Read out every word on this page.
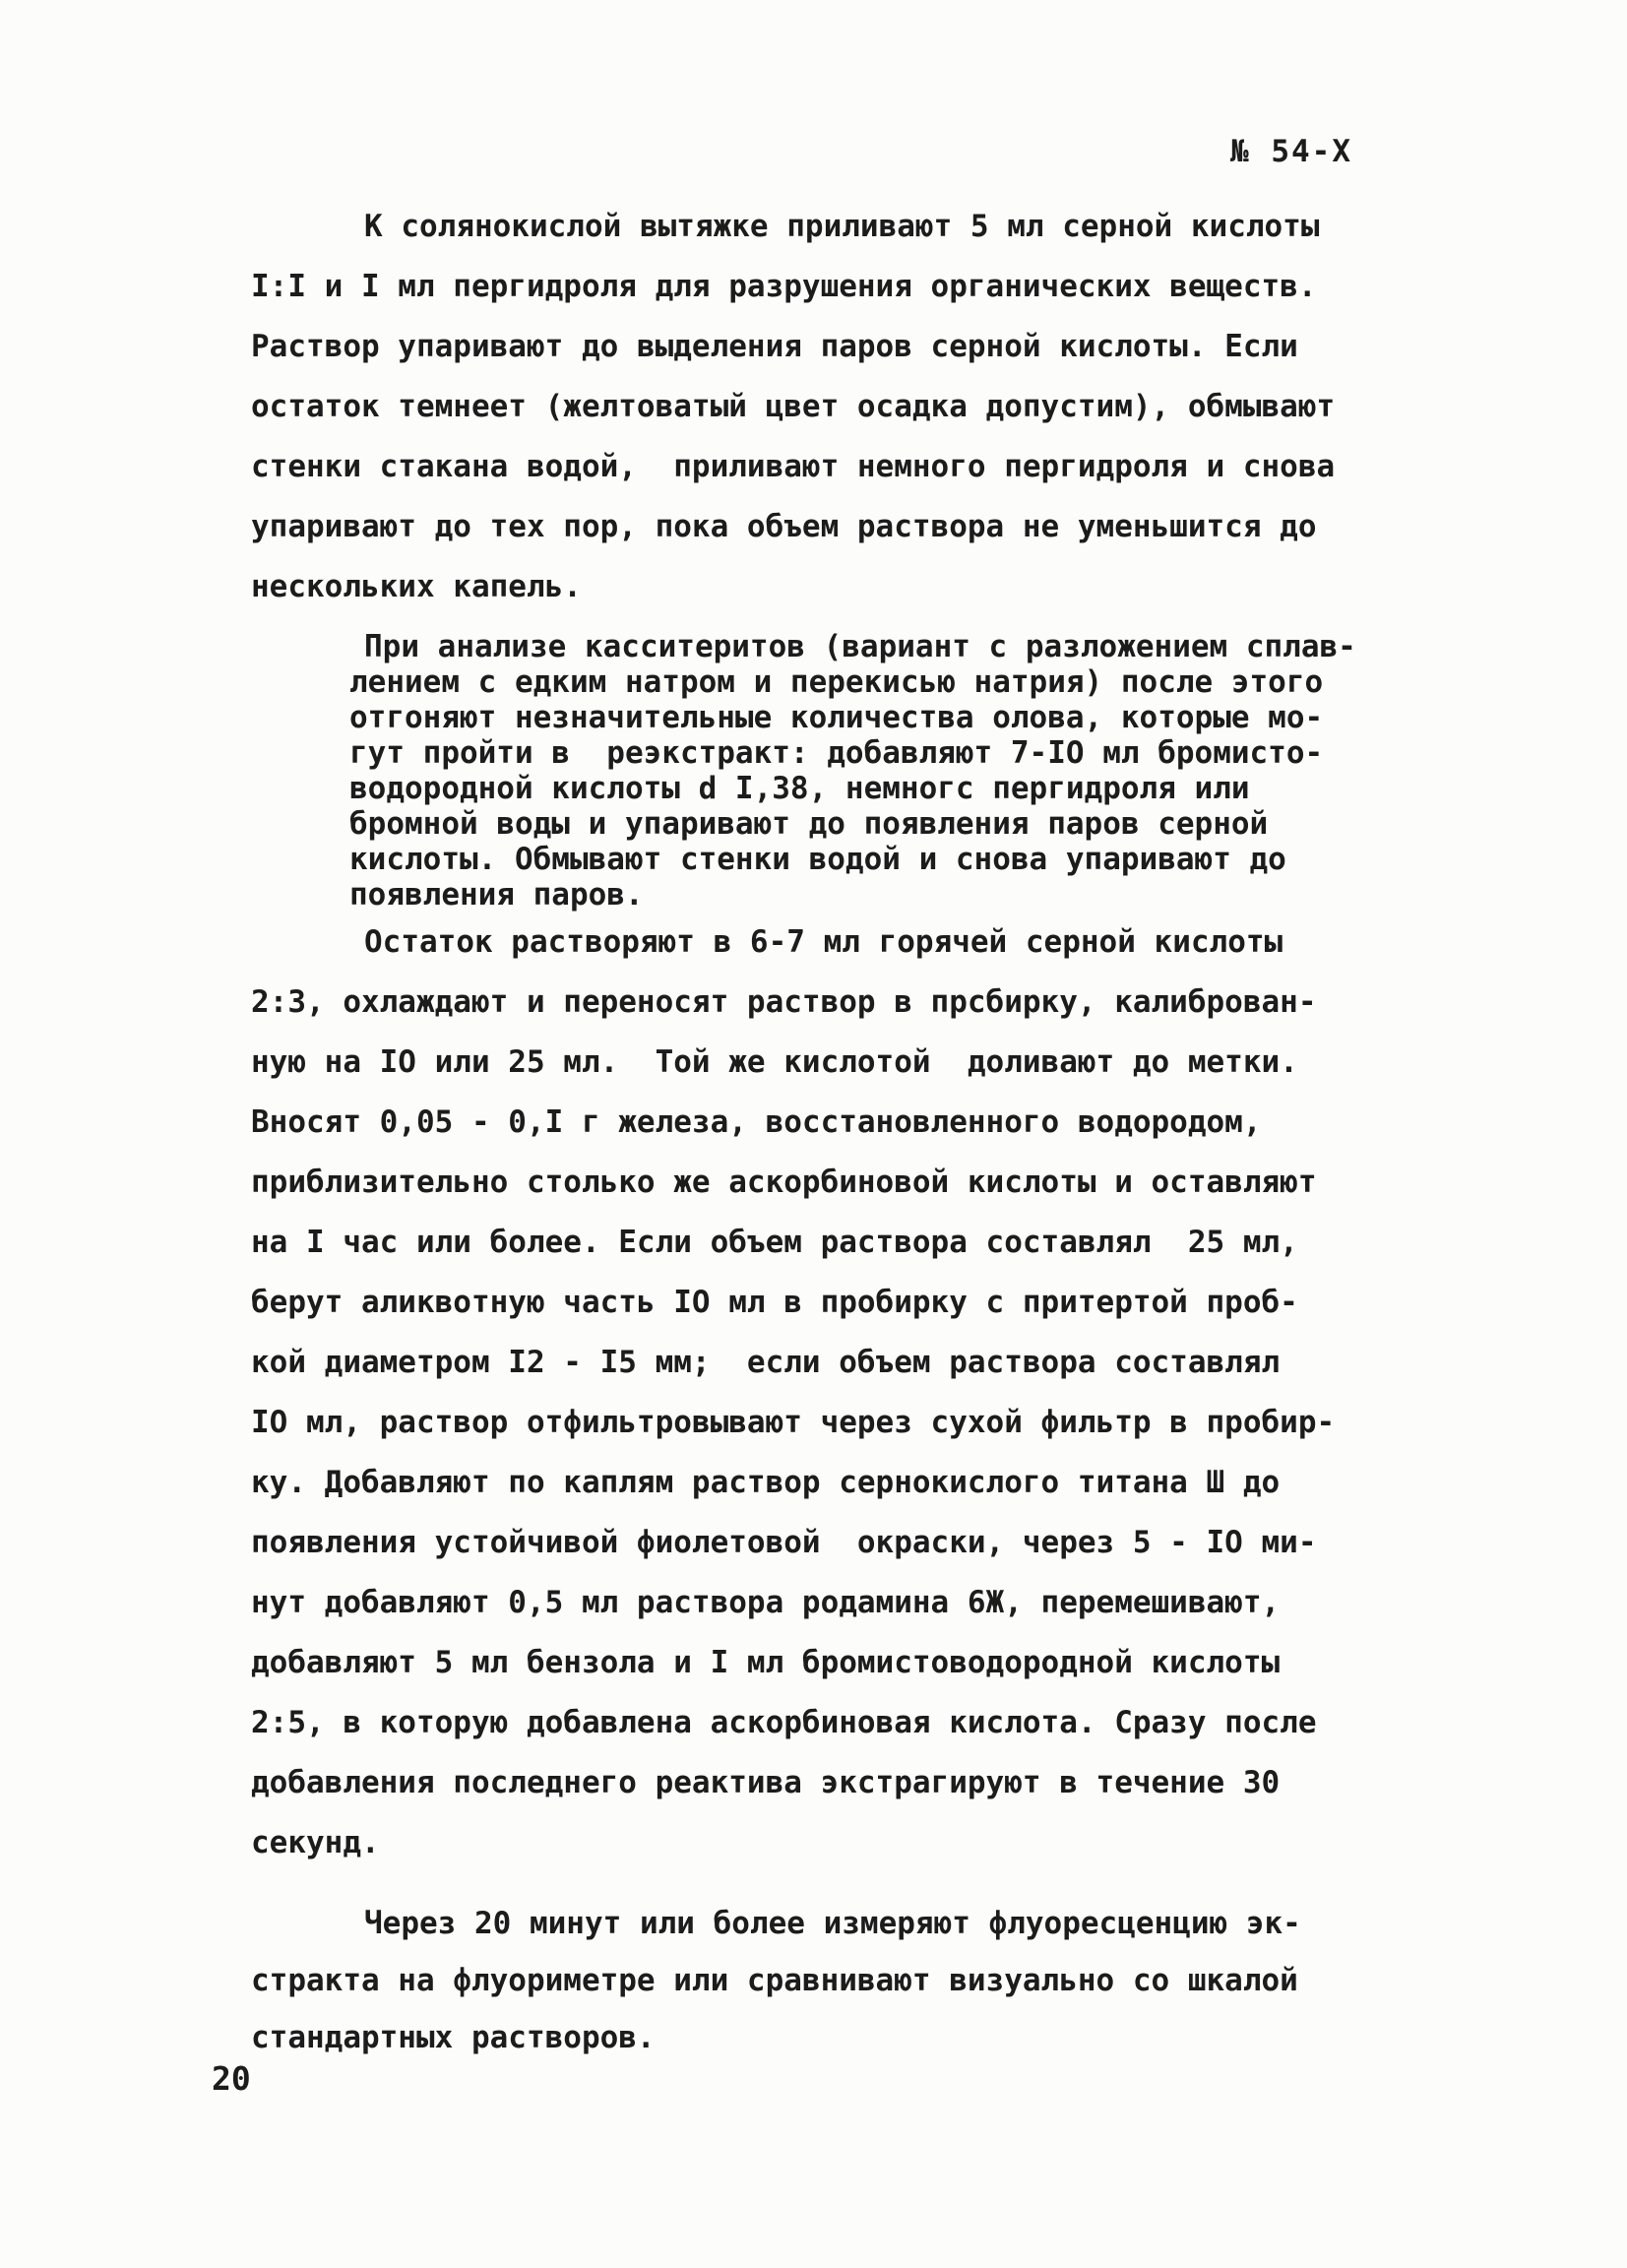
№ 54-Х
К солянокислой вытяжке приливают 5 мл серной кислоты
I:I и I мл пергидроля для разрушения органических веществ.
Раствор упаривают до выделения паров серной кислоты. Если
остаток темнеет (желтоватый цвет осадка допустим), обмывают
стенки стакана водой,  приливают немного пергидроля и снова
упаривают до тех пор, пока объем раствора не уменьшится до
нескольких капель.
При анализе касситеритов (вариант с разложением сплав-
лением с едким натром и перекисью натрия) после этого
отгоняют незначительные количества олова, которые мо-
гут пройти в  реэкстракт: добавляют 7-IO мл бромисто-
водородной кислоты d I,38, немногс пергидроля или
бромной воды и упаривают до появления паров серной
кислоты. Обмывают стенки водой и снова упаривают до
появления паров.
Остаток растворяют в 6-7 мл горячей серной кислоты
2:3, охлаждают и переносят раствор в прсбирку, калиброван-
ную на IO или 25 мл.  Той же кислотой  доливают до метки.
Вносят 0,05 - 0,I г железа, восстановленного водородом,
приблизительно столько же аскорбиновой кислоты и оставляют
на I час или более. Если объем раствора составлял  25 мл,
берут аликвотную часть IO мл в пробирку с притертой проб-
кой диаметром I2 - I5 мм;  если объем раствора составлял
IO мл, раствор отфильтровывают через сухой фильтр в пробир-
ку. Добавляют по каплям раствор сернокислого титана Ш до
появления устойчивой фиолетовой  окраски, через 5 - IO ми-
нут добавляют 0,5 мл раствора родамина 6Ж, перемешивают,
добавляют 5 мл бензола и I мл бромистоводородной кислоты
2:5, в которую добавлена аскорбиновая кислота. Сразу после
добавления последнего реактива экстрагируют в течение 30
секунд.
Через 20 минут или более измеряют флуоресценцию эк-
стракта на флуориметре или сравнивают визуально со шкалой
стандартных растворов.
20
